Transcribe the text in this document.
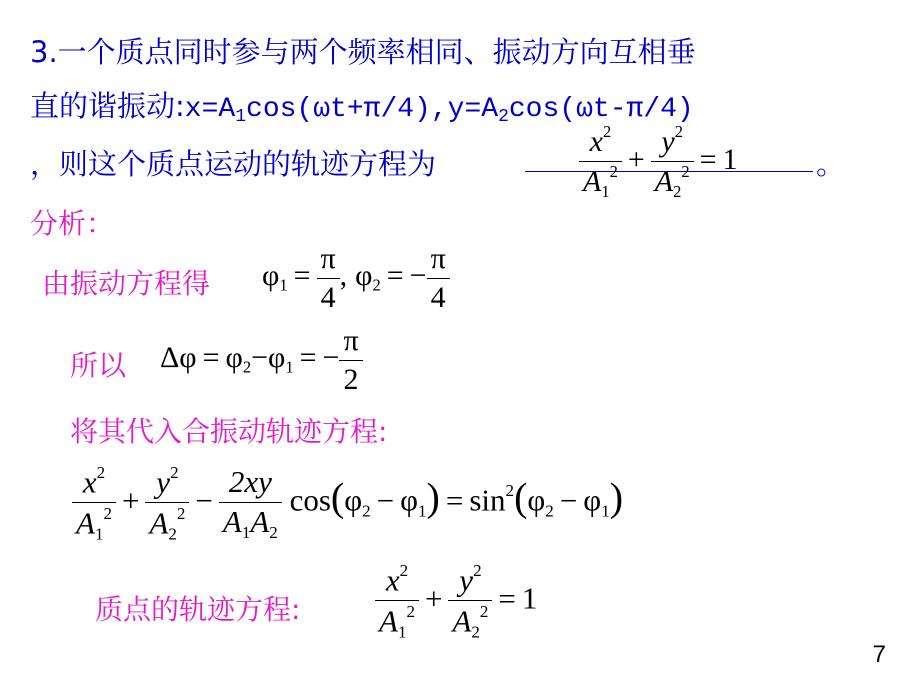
3.一个质点同时参与两个频率相同、振动方向互相垂
直的谐振动$:x=A_1\cos(\omega t+\pi/4),y=A_2\cos(\omega t-\pi/4)$
，则这个质点运动的轨迹方程为	$\frac{x^2}{A_1^2} + \frac{y^2}{A_2^2} = 1$	。
分析：
由振动方程得 $\varphi_1 = \frac{\pi}{4}$ , $\varphi_2$ = − $\frac{\pi}{4}$
所以 $\Delta\varphi = \varphi_2-\varphi_1$ = − $\frac{\pi}{2}$
将其代入合振动轨迹方程:
$\frac{x^2}{A_1^2} + \frac{y^2}{A_2^2} - \frac{2xy}{A_1A_2} \cos(\varphi_2 - \varphi_1) = \sin^2(\varphi_2 - \varphi_1)$
质点的轨迹方程: $\frac{x^2}{A_1^2} + \frac{y^2}{A_2^2} = 1$
7
